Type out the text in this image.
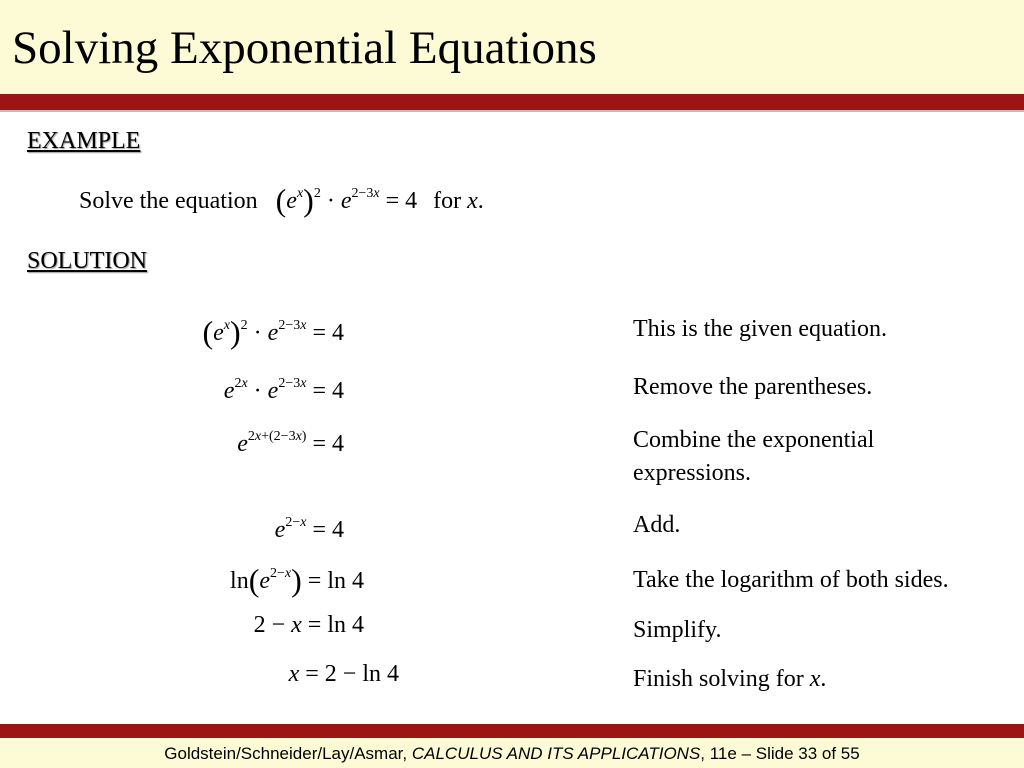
Solving Exponential Equations
EXAMPLE
Solve the equation $(e^x)^2 \cdot e^{2-3x} = 4$ for x.
SOLUTION
$(e^x)^2 \cdot e^{2-3x} = 4$	This is the given equation.
$e^{2x} \cdot e^{2-3x} = 4$	Remove the parentheses.
$e^{2x+(2-3x)} = 4$	Combine the exponential expressions.
$e^{2-x} = 4$	Add.
$\ln(e^{2-x}) = \ln 4$	Take the logarithm of both sides.
2 − x = ln 4	Simplify.
x = 2 − ln 4	Finish solving for x.
Goldstein/Schneider/Lay/Asmar, CALCULUS AND ITS APPLICATIONS, 11e – Slide 33 of 55
